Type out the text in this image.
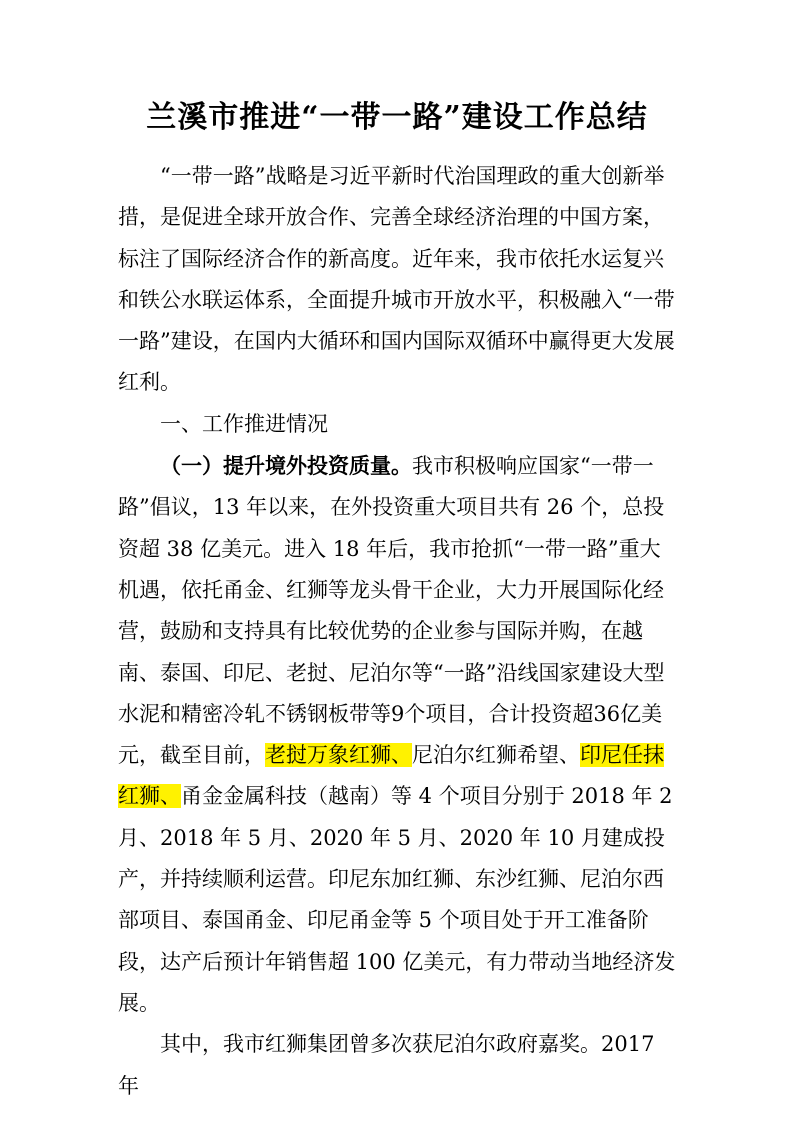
兰溪市推进“一带一路”建设工作总结

“一带一路”战略是习近平新时代治国理政的重大创新举措，是促进全球开放合作、完善全球经济治理的中国方案，标注了国际经济合作的新高度。近年来，我市依托水运复兴和铁公水联运体系，全面提升城市开放水平，积极融入“一带一路”建设，在国内大循环和国内国际双循环中赢得更大发展红利。

一、工作推进情况

（一）提升境外投资质量。我市积极响应国家“一带一路”倡议，13 年以来，在外投资重大项目共有 26 个，总投资超 38 亿美元。进入 18 年后，我市抢抓“一带一路”重大机遇，依托甬金、红狮等龙头骨干企业，大力开展国际化经营，鼓励和支持具有比较优势的企业参与国际并购，在越南、泰国、印尼、老挝、尼泊尔等“一路”沿线国家建设大型水泥和精密冷轧不锈钢板带等9个项目，合计投资超36亿美元，截至目前，老挝万象红狮、尼泊尔红狮希望、印尼任抹红狮、甬金金属科技（越南）等 4 个项目分别于 2018 年 2 月、2018 年 5 月、2020 年 5 月、2020 年 10 月建成投产，并持续顺利运营。印尼东加红狮、东沙红狮、尼泊尔西部项目、泰国甬金、印尼甬金等 5 个项目处于开工准备阶段，达产后预计年销售超 100 亿美元，有力带动当地经济发展。

其中，我市红狮集团曾多次获尼泊尔政府嘉奖。2017 年
